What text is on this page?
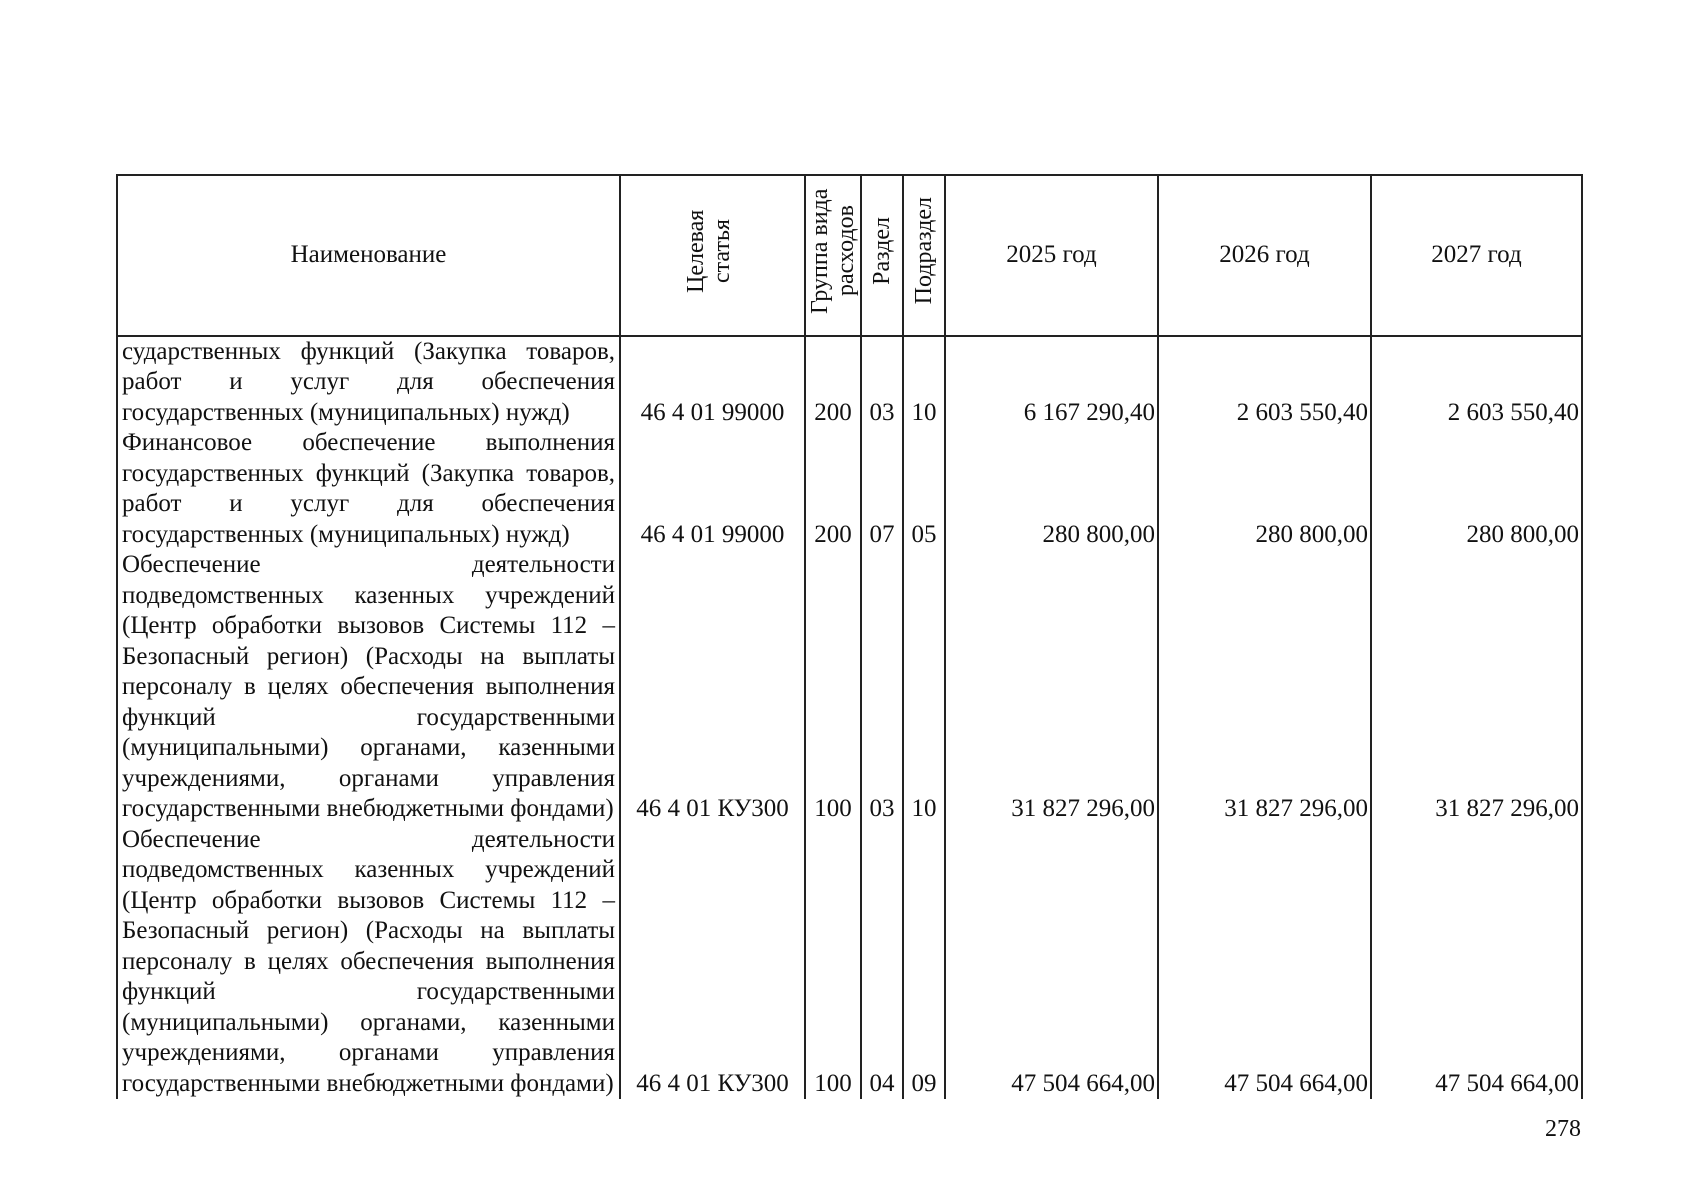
Наименование	Целевая статья	Группа вида расходов	Раздел	Подраздел	2025 год	2026 год	2027 год
сударственных функций (Закупка товаров, работ и услуг для обеспечения государственных (муниципальных) нужд)	46 4 01 99000	200	03	10	6 167 290,40	2 603 550,40	2 603 550,40
Финансовое обеспечение выполнения государственных функций (Закупка товаров, работ и услуг для обеспечения государственных (муниципальных) нужд)	46 4 01 99000	200	07	05	280 800,00	280 800,00	280 800,00
Обеспечение деятельности подведомственных казенных учреждений (Центр обработки вызовов Системы 112 – Безопасный регион) (Расходы на выплаты персоналу в целях обеспечения выполнения функций государственными (муниципальными) органами, казенными учреждениями, органами управления государственными внебюджетными фондами)	46 4 01 КУ300	100	03	10	31 827 296,00	31 827 296,00	31 827 296,00
Обеспечение деятельности подведомственных казенных учреждений (Центр обработки вызовов Системы 112 – Безопасный регион) (Расходы на выплаты персоналу в целях обеспечения выполнения функций государственными (муниципальными) органами, казенными учреждениями, органами управления государственными внебюджетными фондами)	46 4 01 КУ300	100	04	09	47 504 664,00	47 504 664,00	47 504 664,00
278
